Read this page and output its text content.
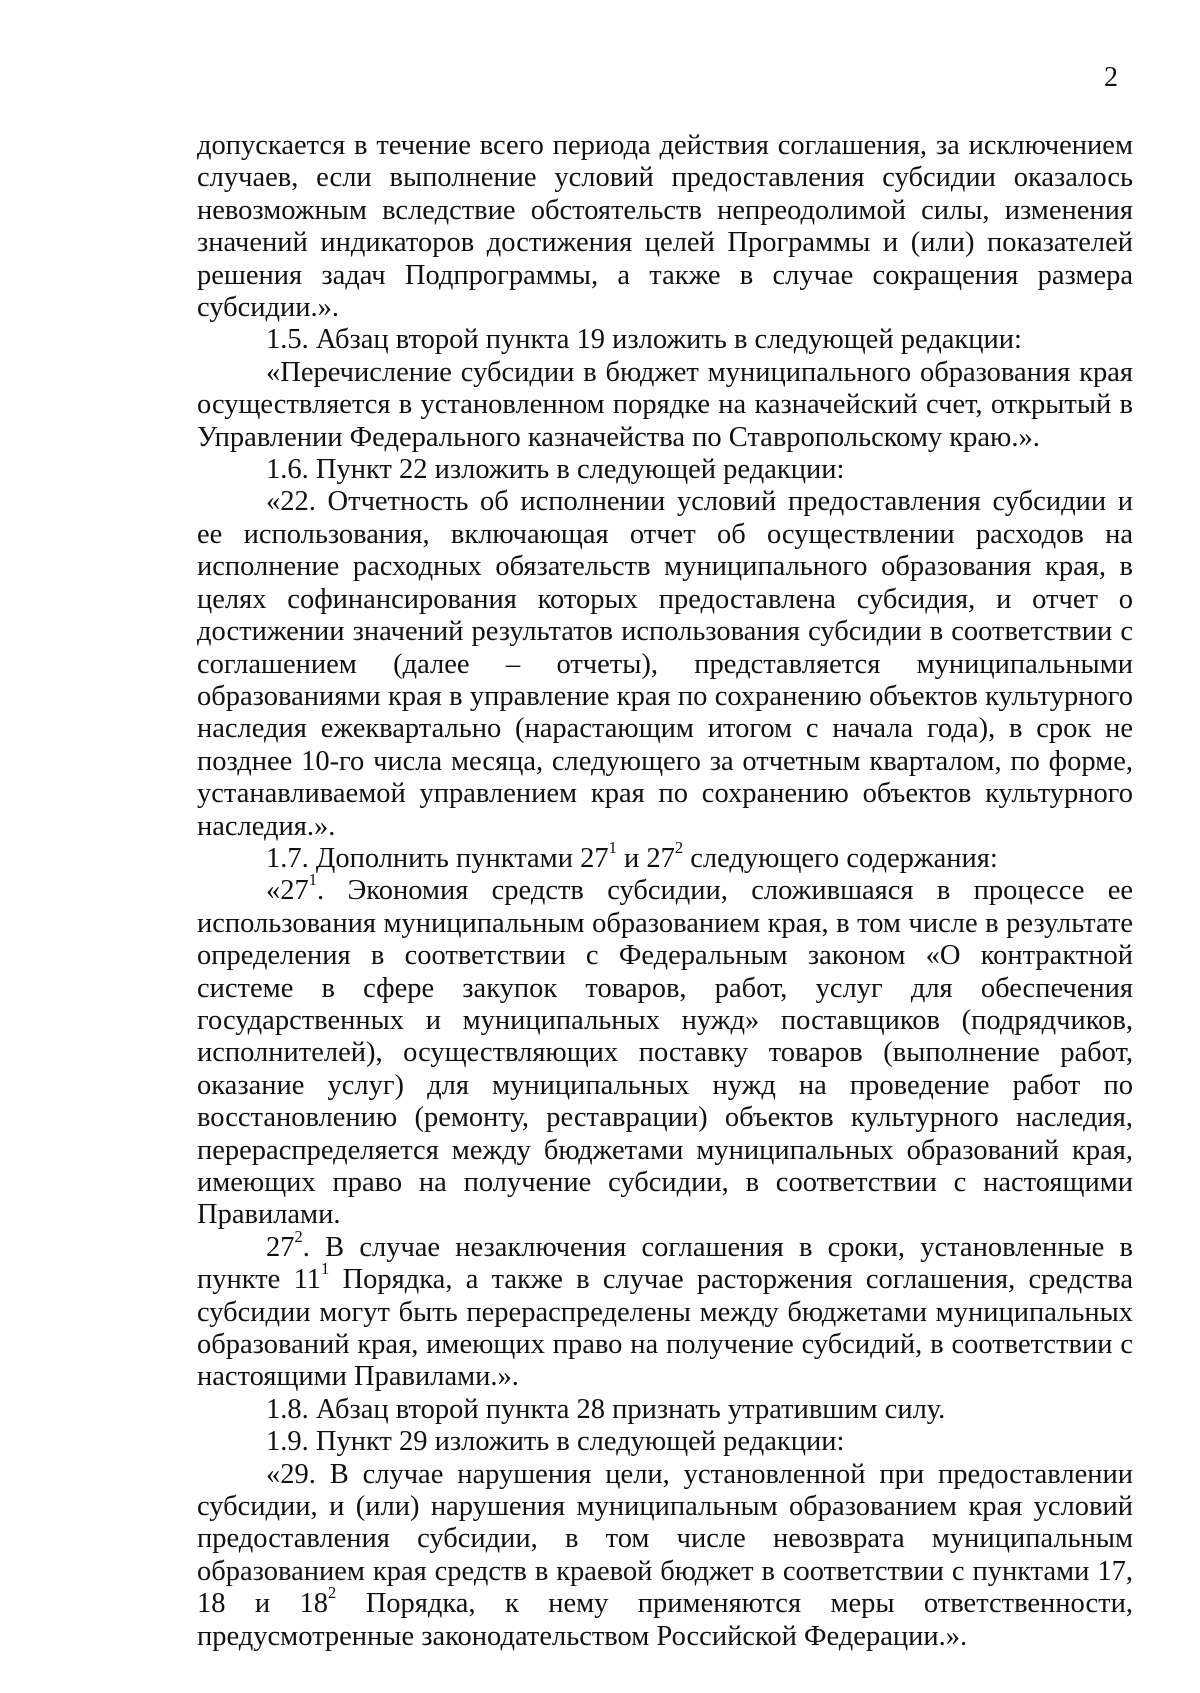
2

допускается в течение всего периода действия соглашения, за исключением случаев, если выполнение условий предоставления субсидии оказалось невозможным вследствие обстоятельств непреодолимой силы, изменения значений индикаторов достижения целей Программы и (или) показателей решения задач Подпрограммы, а также в случае сокращения размера субсидии.».

1.5. Абзац второй пункта 19 изложить в следующей редакции:

«Перечисление субсидии в бюджет муниципального образования края осуществляется в установленном порядке на казначейский счет, открытый в Управлении Федерального казначейства по Ставропольскому краю.».

1.6. Пункт 22 изложить в следующей редакции:

«22. Отчетность об исполнении условий предоставления субсидии и ее использования, включающая отчет об осуществлении расходов на исполнение расходных обязательств муниципального образования края, в целях софинансирования которых предоставлена субсидия, и отчет о достижении значений результатов использования субсидии в соответствии с соглашением (далее – отчеты), представляется муниципальными образованиями края в управление края по сохранению объектов культурного наследия ежеквартально (нарастающим итогом с начала года), в срок не позднее 10-го числа месяца, следующего за отчетным кварталом, по форме, устанавливаемой управлением края по сохранению объектов культурного наследия.».

1.7. Дополнить пунктами $27^1$ и $27^2$ следующего содержания:

«$27^1$. Экономия средств субсидии, сложившаяся в процессе ее использования муниципальным образованием края, в том числе в результате определения в соответствии с Федеральным законом «О контрактной системе в сфере закупок товаров, работ, услуг для обеспечения государственных и муниципальных нужд» поставщиков (подрядчиков, исполнителей), осуществляющих поставку товаров (выполнение работ, оказание услуг) для муниципальных нужд на проведение работ по восстановлению (ремонту, реставрации) объектов культурного наследия, перераспределяется между бюджетами муниципальных образований края, имеющих право на получение субсидии, в соответствии с настоящими Правилами.

$27^2$. В случае незаключения соглашения в сроки, установленные в пункте $11^1$ Порядка, а также в случае расторжения соглашения, средства субсидии могут быть перераспределены между бюджетами муниципальных образований края, имеющих право на получение субсидий, в соответствии с настоящими Правилами.».

1.8. Абзац второй пункта 28 признать утратившим силу.

1.9. Пункт 29 изложить в следующей редакции:

«29. В случае нарушения цели, установленной при предоставлении субсидии, и (или) нарушения муниципальным образованием края условий предоставления субсидии, в том числе невозврата муниципальным образованием края средств в краевой бюджет в соответствии с пунктами 17, 18 и $18^2$ Порядка, к нему применяются меры ответственности, предусмотренные законодательством Российской Федерации.».
